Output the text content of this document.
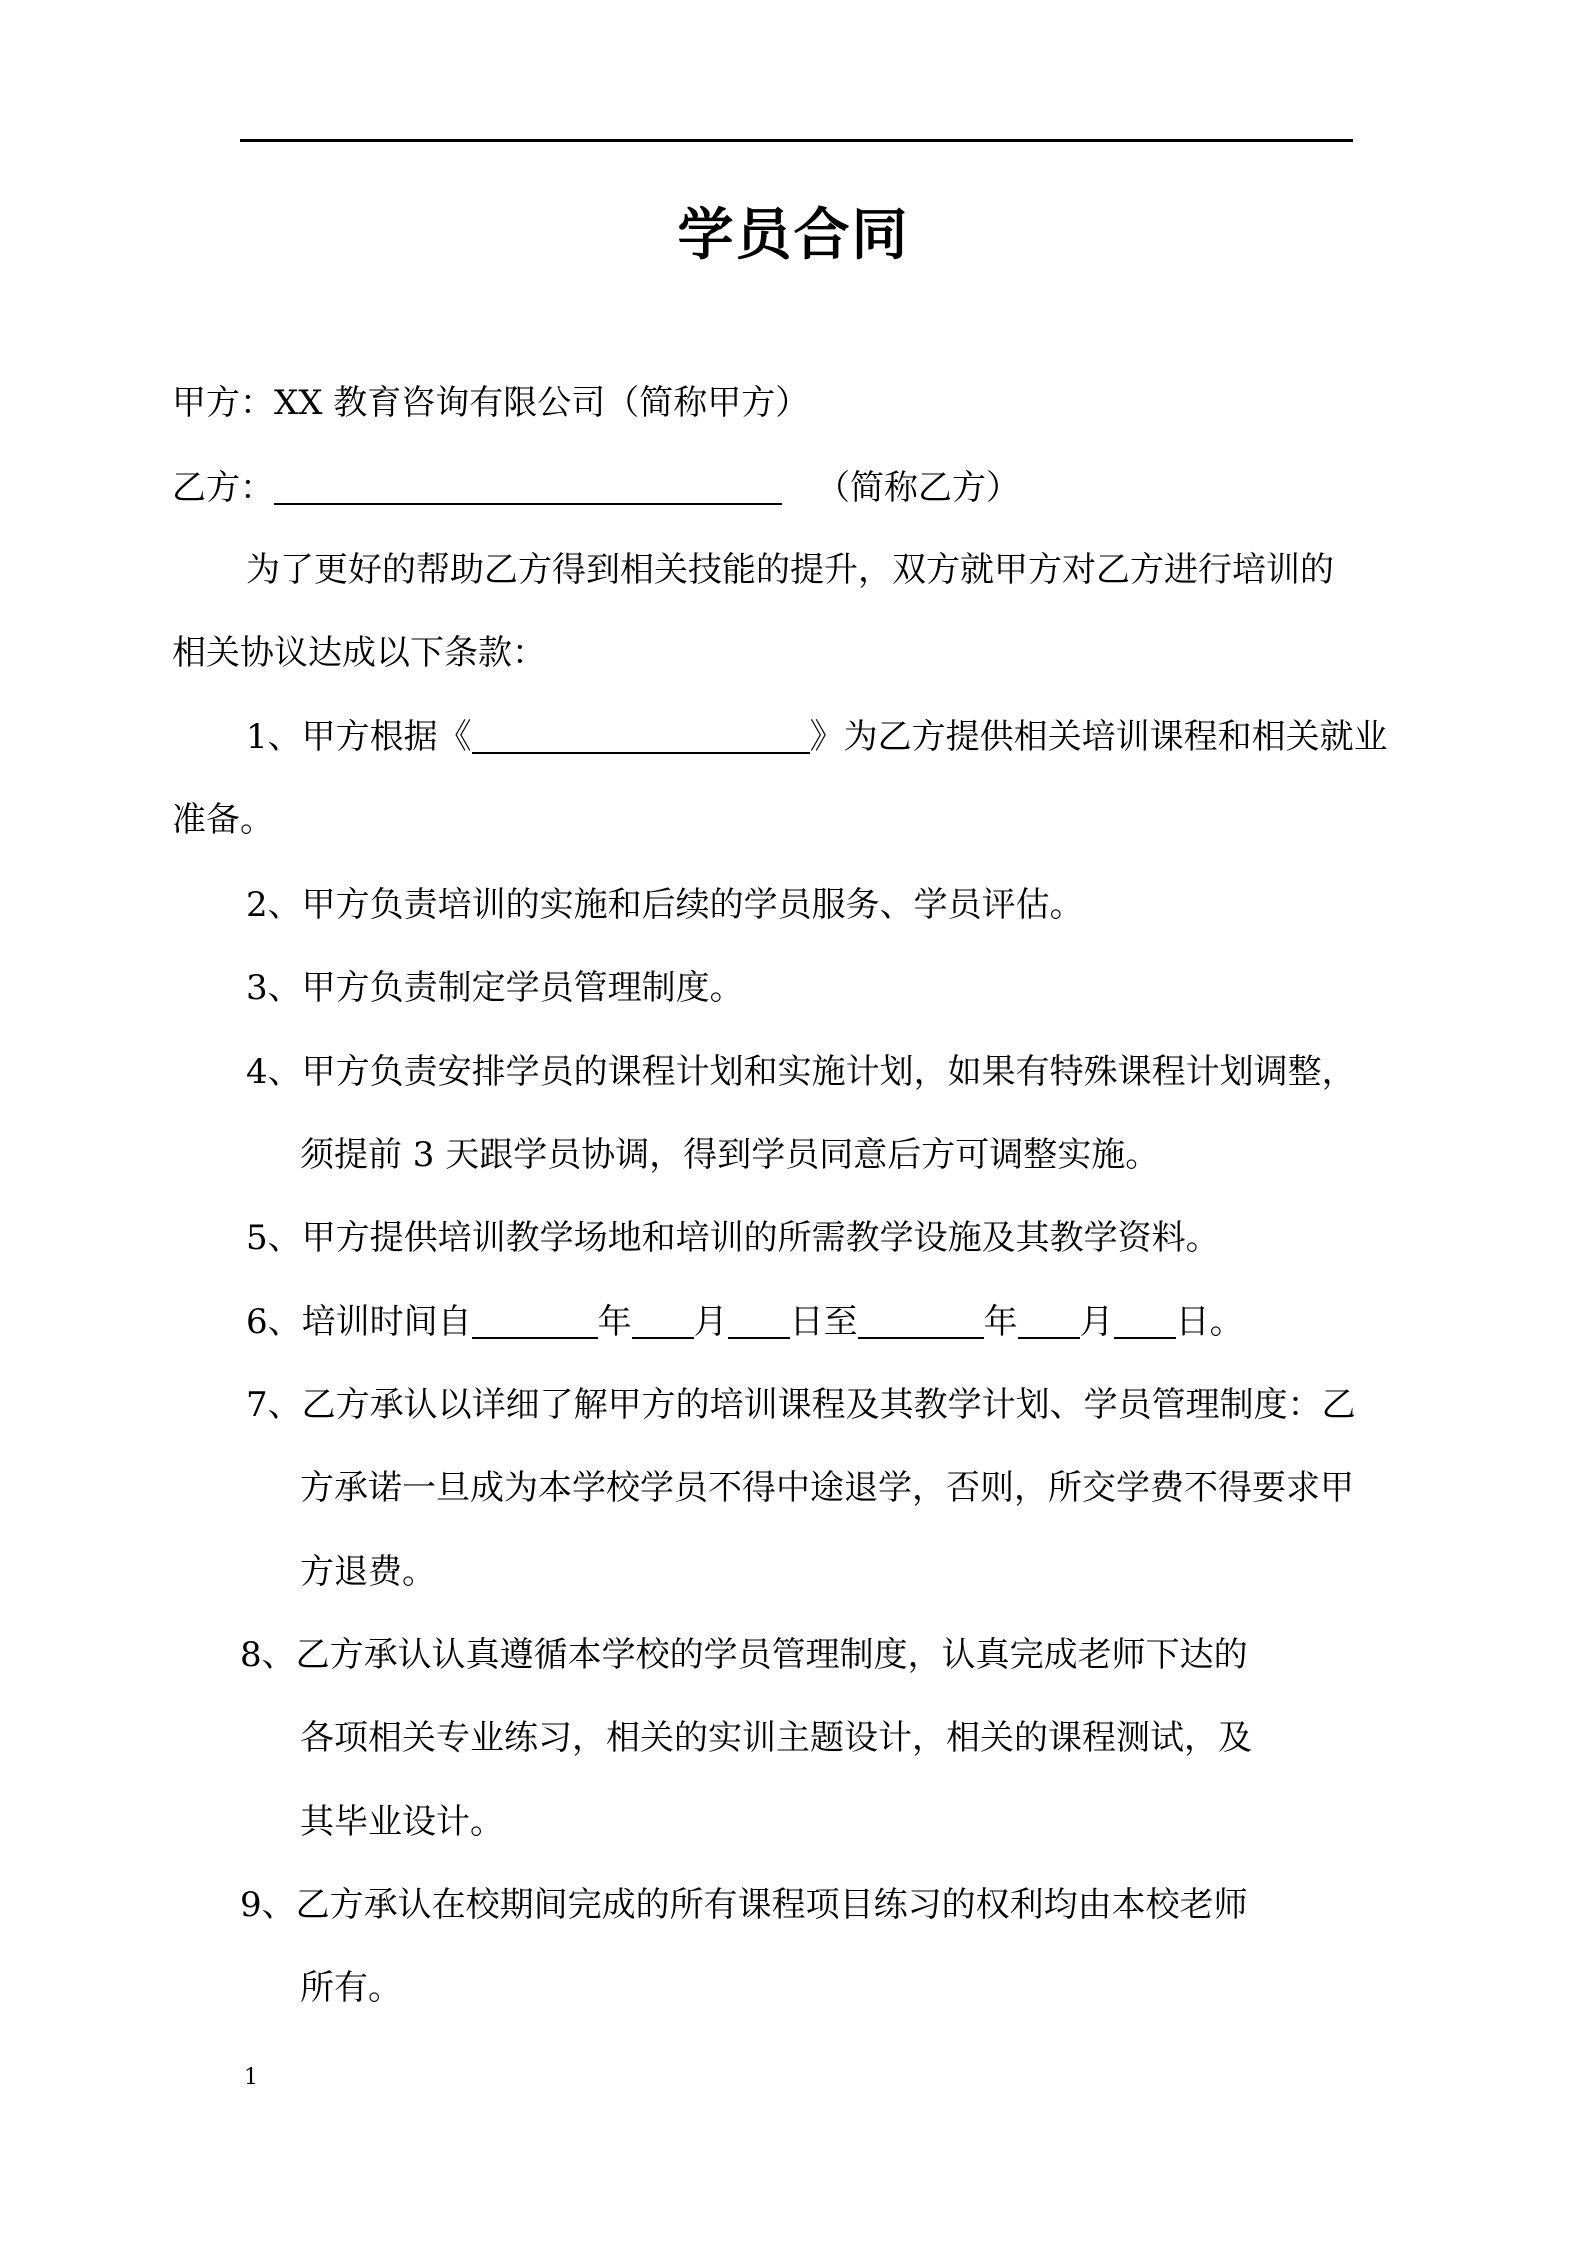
学员合同
甲方：XX 教育咨询有限公司（简称甲方）
乙方：	（简称乙方）
为了更好的帮助乙方得到相关技能的提升，双方就甲方对乙方进行培训的
相关协议达成以下条款：
1、甲方根据《	》为乙方提供相关培训课程和相关就业
准备。
2、甲方负责培训的实施和后续的学员服务、学员评估。
3、甲方负责制定学员管理制度。
4、甲方负责安排学员的课程计划和实施计划，如果有特殊课程计划调整，
须提前 3 天跟学员协调，得到学员同意后方可调整实施。
5、甲方提供培训教学场地和培训的所需教学设施及其教学资料。
6、培训时间自	年 月 日至	年 月 日。
7、乙方承认以详细了解甲方的培训课程及其教学计划、学员管理制度：乙
方承诺一旦成为本学校学员不得中途退学，否则，所交学费不得要求甲
方退费。
8、乙方承认认真遵循本学校的学员管理制度，认真完成老师下达的
各项相关专业练习，相关的实训主题设计，相关的课程测试，及
其毕业设计。
9、乙方承认在校期间完成的所有课程项目练习的权利均由本校老师
所有。
1
